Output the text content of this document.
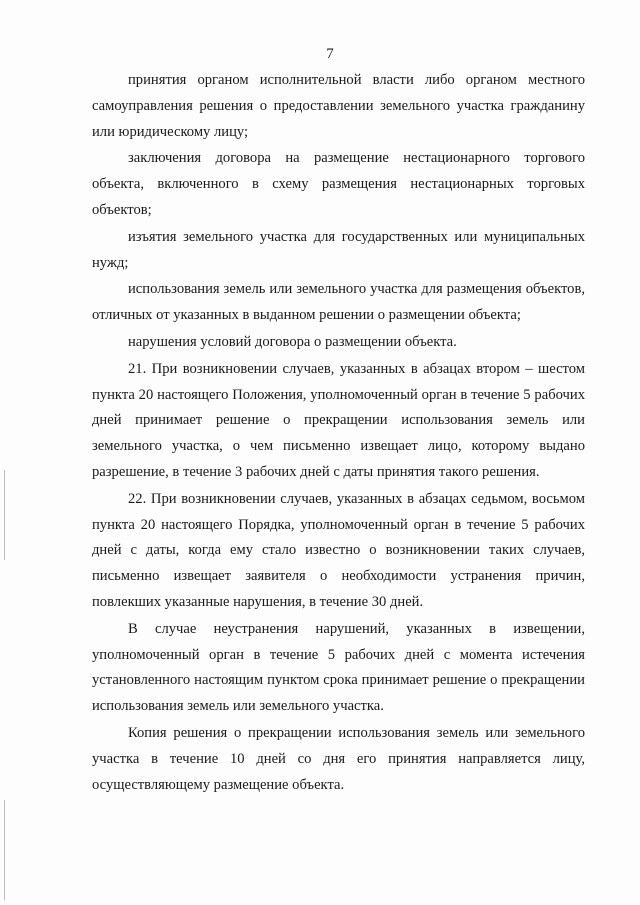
7

принятия органом исполнительной власти либо органом местного самоуправления решения о предоставлении земельного участка гражданину или юридическому лицу;

заключения договора на размещение нестационарного торгового объекта, включенного в схему размещения нестационарных торговых объектов;

изъятия земельного участка для государственных или муниципальных нужд;

использования земель или земельного участка для размещения объектов, отличных от указанных в выданном решении о размещении объекта;

нарушения условий договора о размещении объекта.

21. При возникновении случаев, указанных в абзацах втором – шестом пункта 20 настоящего Положения, уполномоченный орган в течение 5 рабочих дней принимает решение о прекращении использования земель или земельного участка, о чем письменно извещает лицо, которому выдано разрешение, в течение 3 рабочих дней с даты принятия такого решения.

22. При возникновении случаев, указанных в абзацах седьмом, восьмом пункта 20 настоящего Порядка, уполномоченный орган в течение 5 рабочих дней с даты, когда ему стало известно о возникновении таких случаев, письменно извещает заявителя о необходимости устранения причин, повлекших указанные нарушения, в течение 30 дней.

В случае неустранения нарушений, указанных в извещении, уполномоченный орган в течение 5 рабочих дней с момента истечения установленного настоящим пунктом срока принимает решение о прекращении использования земель или земельного участка.

Копия решения о прекращении использования земель или земельного участка в течение 10 дней со дня его принятия направляется лицу, осуществляющему размещение объекта.
